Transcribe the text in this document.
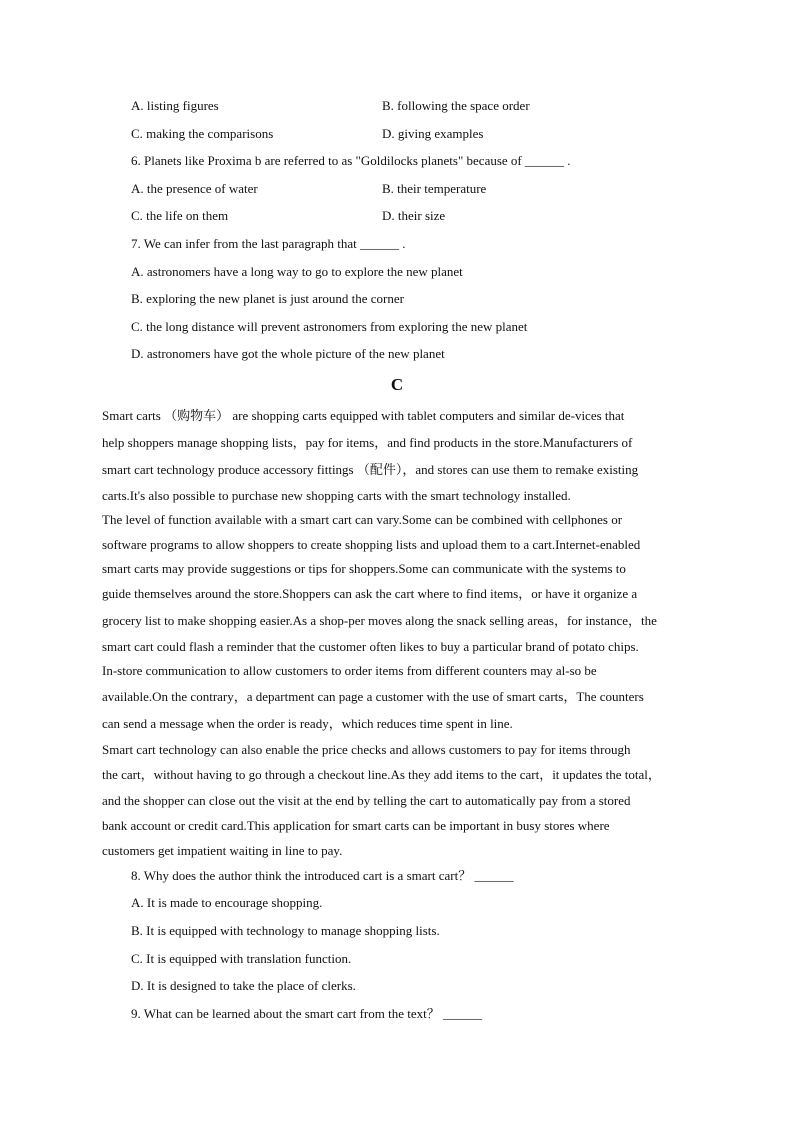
A. listing figures	B. following the space order
C. making the comparisons	D. giving examples
6. Planets like Proxima b are referred to as "Goldilocks planets" because of ______ .
A. the presence of water	B. their temperature
C. the life on them	D. their size
7. We can infer from the last paragraph that ______ .
A. astronomers have a long way to go to explore the new planet
B. exploring the new planet is just around the corner
C. the long distance will prevent astronomers from exploring the new planet
D. astronomers have got the whole picture of the new planet
C
Smart carts （购物车） are shopping carts equipped with tablet computers and similar de-vices that
help shoppers manage shopping lists，pay for items，and find products in the store.Manufacturers of
smart cart technology produce accessory fittings （配件），and stores can use them to remake existing
carts.It's also possible to purchase new shopping carts with the smart technology installed.
The level of function available with a smart cart can vary.Some can be combined with cellphones or
software programs to allow shoppers to create shopping lists and upload them to a cart.Internet-enabled
smart carts may provide suggestions or tips for shoppers.Some can communicate with the systems to
guide themselves around the store.Shoppers can ask the cart where to find items，or have it organize a
grocery list to make shopping easier.As a shop-per moves along the snack selling areas，for instance，the
smart cart could flash a reminder that the customer often likes to buy a particular brand of potato chips.
In-store communication to allow customers to order items from different counters may al-so be
available.On the contrary，a department can page a customer with the use of smart carts，The counters
can send a message when the order is ready，which reduces time spent in line.
Smart cart technology can also enable the price checks and allows customers to pay for items through
the cart，without having to go through a checkout line.As they add items to the cart，it updates the total，
and the shopper can close out the visit at the end by telling the cart to automatically pay from a stored
bank account or credit card.This application for smart carts can be important in busy stores where
customers get impatient waiting in line to pay.
8. Why does the author think the introduced cart is a smart cart？ ______
A. It is made to encourage shopping.
B. It is equipped with technology to manage shopping lists.
C. It is equipped with translation function.
D. It is designed to take the place of clerks.
9. What can be learned about the smart cart from the text？ ______
